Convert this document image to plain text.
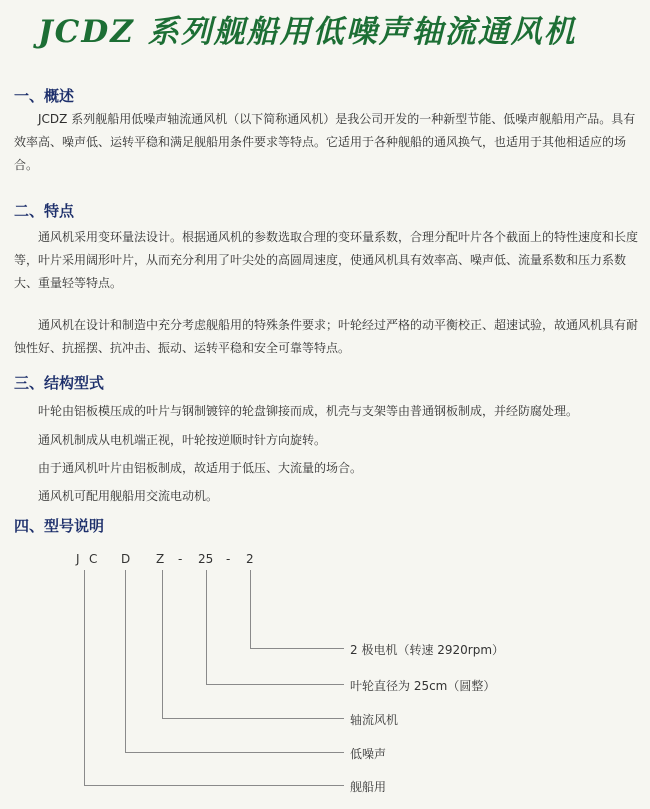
JCDZ 系列舰船用低噪声轴流通风机
一、概述

JCDZ 系列舰船用低噪声轴流通风机（以下简称通风机）是我公司开发的一种新型节能、低噪声舰船用产品。具有效率高、噪声低、运转平稳和满足舰船用条件要求等特点。它适用于各种舰船的通风换气，也适用于其他相适应的场合。

二、特点

通风机采用变环量法设计。根据通风机的参数选取合理的变环量系数，合理分配叶片各个截面上的特性速度和长度等，叶片采用阔形叶片，从而充分利用了叶尖处的高圆周速度，使通风机具有效率高、噪声低、流量系数和压力系数大、重量轻等特点。

通风机在设计和制造中充分考虑舰船用的特殊条件要求；叶轮经过严格的动平衡校正、超速试验，故通风机具有耐蚀性好、抗摇摆、抗冲击、振动、运转平稳和安全可靠等特点。

三、结构型式
叶轮由铝板模压成的叶片与钢制镀锌的轮盘铆接而成，机壳与支架等由普通钢板制成，并经防腐处理。
通风机制成从电机端正视，叶轮按逆顺时针方向旋转。
由于通风机叶片由铝板制成，故适用于低压、大流量的场合。
通风机可配用舰船用交流电动机。
四、型号说明
J C D Z - 25 - 2
2 极电机（转速 2920rpm）
叶轮直径为 25cm（圆整）
轴流风机
低噪声
舰船用
